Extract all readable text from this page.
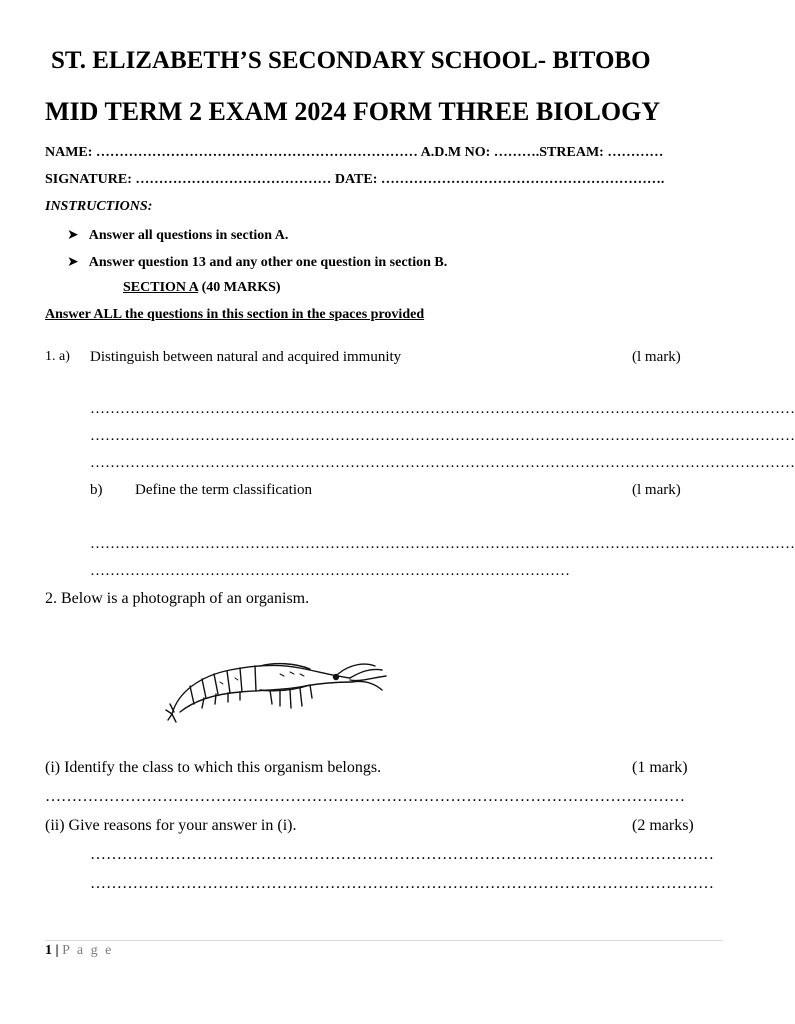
ST. ELIZABETH’S SECONDARY SCHOOL- BITOBO
MID TERM 2 EXAM 2024 FORM THREE BIOLOGY
NAME: …………………………………………………………… A.D.M NO: ……….STREAM: …………
SIGNATURE: …………………………………… DATE: …………………………………………………….
INSTRUCTIONS:
➤ Answer all questions in section A.
➤ Answer question 13 and any other one question in section B.
SECTION A (40 MARKS)
Answer ALL the questions in this section in the spaces provided
1. a) Distinguish between natural and acquired immunity	(l mark)
……………………………………………………………………………………………………………………………
……………………………………………………………………………………………………………………………
……………………………………………………………………………………………………………………………
b) Define the term classification	(l mark)
……………………………………………………………………………………………………………………………
……………………………………………………………………………………
2. Below is a photograph of an organism.
(i) Identify the class to which this organism belongs.	(1 mark)
…………………………………………………………………………………………………………
(ii) Give reasons for your answer in (i).	(2 marks)
………………………………………………………………………………………………………
………………………………………………………………………………………………………
1 | P a g e
